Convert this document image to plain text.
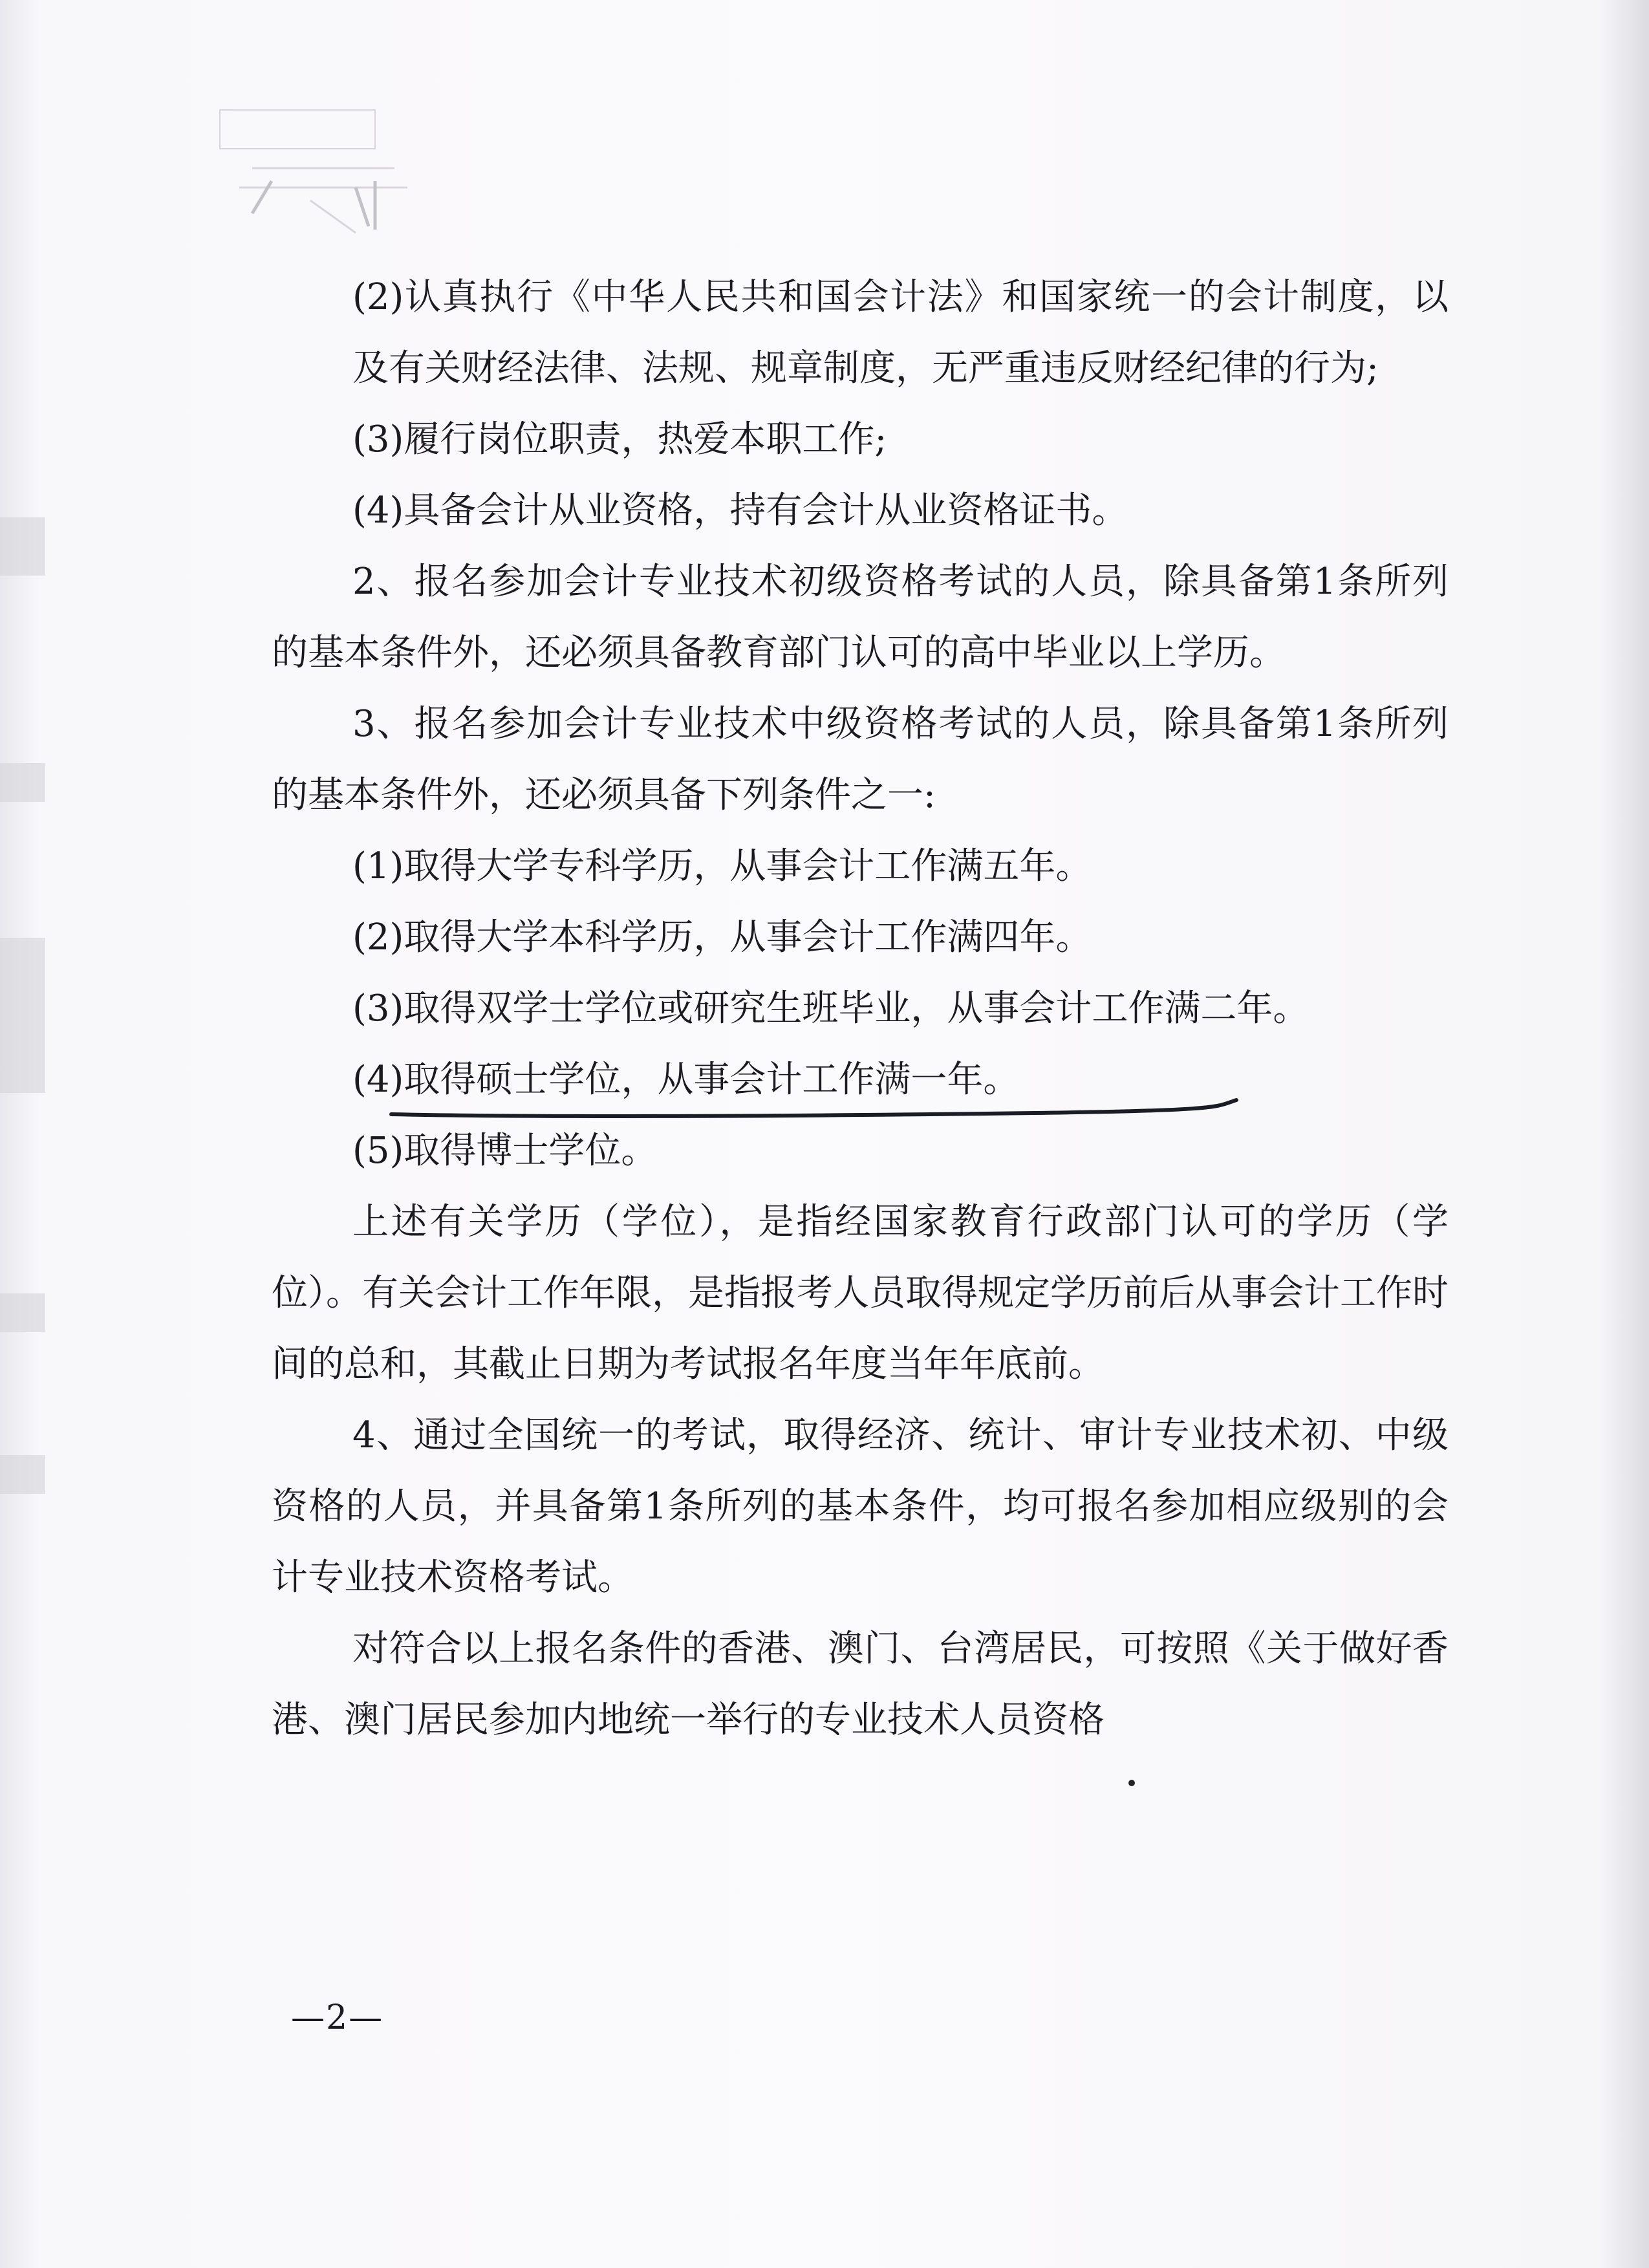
(2)认真执行《中华人民共和国会计法》和国家统一的会计制度，以及有关财经法律、法规、规章制度，无严重违反财经纪律的行为;

(3)履行岗位职责，热爱本职工作;

(4)具备会计从业资格，持有会计从业资格证书。

2、报名参加会计专业技术初级资格考试的人员，除具备第1条所列的基本条件外，还必须具备教育部门认可的高中毕业以上学历。

3、报名参加会计专业技术中级资格考试的人员，除具备第1条所列的基本条件外，还必须具备下列条件之一:

(1)取得大学专科学历，从事会计工作满五年。

(2)取得大学本科学历，从事会计工作满四年。

(3)取得双学士学位或研究生班毕业，从事会计工作满二年。

(4)取得硕士学位，从事会计工作满一年。

(5)取得博士学位。

上述有关学历（学位），是指经国家教育行政部门认可的学历（学位）。有关会计工作年限，是指报考人员取得规定学历前后从事会计工作时间的总和，其截止日期为考试报名年度当年年底前。

4、通过全国统一的考试，取得经济、统计、审计专业技术初、中级资格的人员，并具备第1条所列的基本条件，均可报名参加相应级别的会计专业技术资格考试。

对符合以上报名条件的香港、澳门、台湾居民，可按照《关于做好香港、澳门居民参加内地统一举行的专业技术人员资格

—2—
